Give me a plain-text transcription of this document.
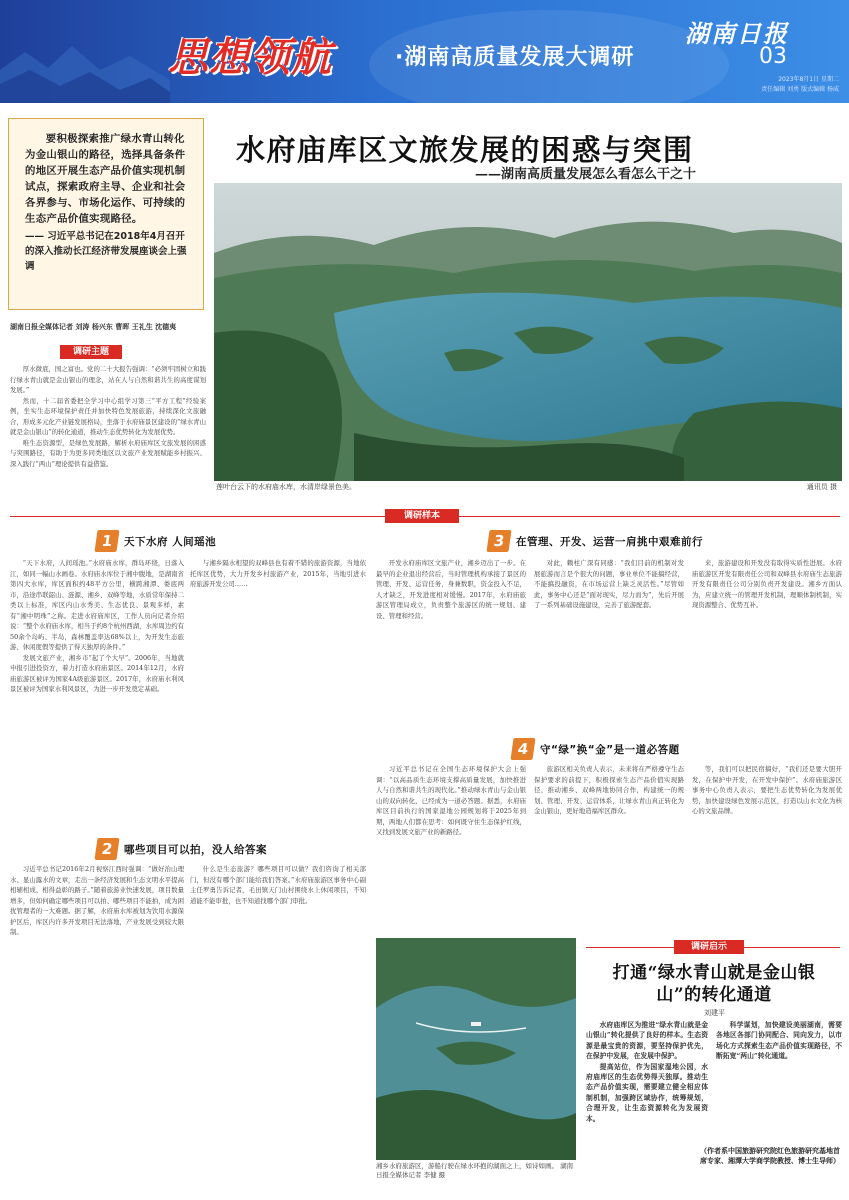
思想领航	·湖南高质量发展大调研
湖南日报
03
2023年8月1日 星期二
责任编辑 刘勇 版式编辑 杨威
要积极探索推广绿水青山转化为金山银山的路径，选择具备条件的地区开展生态产品价值实现机制试点，探索政府主导、企业和社会各界参与、市场化运作、可持续的生态产品价值实现路径。
—— 习近平总书记在2018年4月召开的深入推动长江经济带发展座谈会上强调
湖南日报全媒体记者 刘涛 杨兴东 曹晖 王礼生 沈德夷
水府庙库区文旅发展的困惑与突围
——湖南高质量发展怎么看怎么干之十
莲叶台云下的水府庙水库，水清岸绿景色美。	通讯员 摄
调研主题

厚水微底，国之富也。党的二十大报告强调：“必须牢固树立和践行绿水青山就是金山银山的理念，站在人与自然和谐共生的高度谋划发展。”

然而，十二届省委把全学习中心组学习第三“平方工程”经验案例，坐实生态环境保护责任并加快特色发展旅游，持续深化文旅融合，形成多元化产业链发展格局，坐落于水府庙景区建设的“绿水青山就是金山银山”的转化通道，推动生态优势转化为发展优势。

唯生态资源型，是绿色发展路，解析水府庙库区文旅发展的困惑与突围路径，有助于为更多同类地区以文旅产业发展赋能乡村振兴、深入践行“两山”理论提供有益借鉴。

调研样本
1	天下水府 人间瑶池

“天下水府，人间瑶池。”水府庙水库，群岛环绕，日落入江，如同一幅山水画卷。水府庙水库位于湘中腹地，是湖南省第四大水库，库区面积约48平方公里，横跨湘潭、娄底两市，沿途串联韶山、涟源、湘乡、双峰等地，水质常年保持二类以上标准，库区内山水秀美、生态优良、景观多样，素有“湘中明珠”之称。走进水府庙库区，工作人员向记者介绍说：“整个水府庙水库，相当于约8个杭州西湖，水库周边约有50余个岛屿、半岛，森林覆盖率达68%以上，为开发生态旅游、休闲度假等提供了得天独厚的条件。”

发展文旅产业，湘乡市“起了个大早”。2006年，当地就申报引进投资方，着力打造水府庙景区。2014年12月，水府庙旅游区被评为国家4A级旅游景区。2017年，水府庙水利风景区被评为国家水利风景区，为进一步开发奠定基础。

与湘乡隔水相望的双峰县也有着不错的旅游资源，当地依托库区优势，大力开发乡村旅游产业，2015年，当地引进水府旅游开发公司……

2	哪些项目可以拍，没人给答案

习近平总书记2016年2月视察江西时强调：“做好治山理水、显山露水的文章，走出一条经济发展和生态文明水平提高相辅相成、相得益彰的路子。”随着旅游业快速发展，项目数量增多，但如何确定哪些项目可以拍、哪些项目不能拍，成为困扰管理者的一大难题。据了解，水府庙水库被划为饮用水源保护区后，库区内许多开发项目无法落地，产业发展受到较大限制。

什么是生态旅游？哪些项目可以做？我们咨询了相关部门，但没有哪个部门能给我们答案。”水府庙旅游区事务中心副主任罗勇告诉记者，毛田镇天门山村围绕水上休闲项目，不知道能不能审批，也不知道找哪个部门审批。

3	在管理、开发、运营一肩挑中艰难前行

开发水府庙库区文旅产业，湘乡迈出了一步。在最早的企业退出经营后，当时管理机构承接了景区的管理、开发、运营任务，身兼数职，资金投入不足，人才缺乏，开发进度相对缓慢。2017年，水府庙旅游区管理局成立，负责整个旅游区的统一规划、建设、管理和经营。

对此，赖柱广深有同感：“我们目前的机制对发展旅游而言是个很大的问题，事业单位不能搞经营，不能搞投融资，在市场运营上缺乏灵活性。”尽管如此，事务中心还是“面对现实，尽力而为”，先后开展了一系列基础设施建设，完善了旅游配套。

来，旅游建设和开发没有取得实质性进展。水府庙旅游区开发有限责任公司和双峰县水府庙生态旅游开发有限责任公司分别负责开发建设。湘乡方面认为，应建立统一的管理开发机制，理顺体制机制，实现资源整合、优势互补。

4	守“绿”换“金”是一道必答题

习近平总书记在全国生态环境保护大会上强调：“以高品质生态环境支撑高质量发展，加快推进人与自然和谐共生的现代化。”推动绿水青山与金山银山的双向转化，已经成为一道必答题。据悉，水府庙库区目前执行的国家湿地公园规划将于2025年到期，两地人们都在思考：如何既守住生态保护红线，又找到发展文旅产业的新路径。

旅游区相关负责人表示，未来将在严格遵守生态保护要求的前提下，积极探索生态产品价值实现路径，推动湘乡、双峰两地协同合作，构建统一的规划、管理、开发、运营体系，让绿水青山真正转化为金山银山，更好地造福库区群众。

等，我们可以把民宿搞好，“我们还是要大胆开发，在保护中开发，在开发中保护”。水府庙旅游区事务中心负责人表示，要把生态优势转化为发展优势，加快建设绿色发展示范区，打造以山水文化为核心的文旅品牌。

湘乡水府旅游区，游船行驶在绿水环抱的湖面之上，如诗如画。 湖南日报全媒体记者 李健 摄
调研启示
打通“绿水青山就是金山银山”的转化通道
刘建平

水府庙库区为推进“绿水青山就是金山银山”转化提供了良好的样本。生态资源是最宝贵的资源，要坚持保护优先，在保护中发展，在发展中保护。

提高站位，作为国家湿地公园，水府庙库区的生态优势得天独厚。推动生态产品价值实现，需要建立健全相应体制机制，加强跨区域协作，统筹规划，合理开发，让生态资源转化为发展资本。

科学谋划，加快建设美丽湖南，需要各地区各部门协同配合、同向发力，以市场化方式探索生态产品价值实现路径，不断拓宽“两山”转化通道。

（作者系中国旅游研究院红色旅游研究基地首席专家、湘潭大学商学院教授、博士生导师）
